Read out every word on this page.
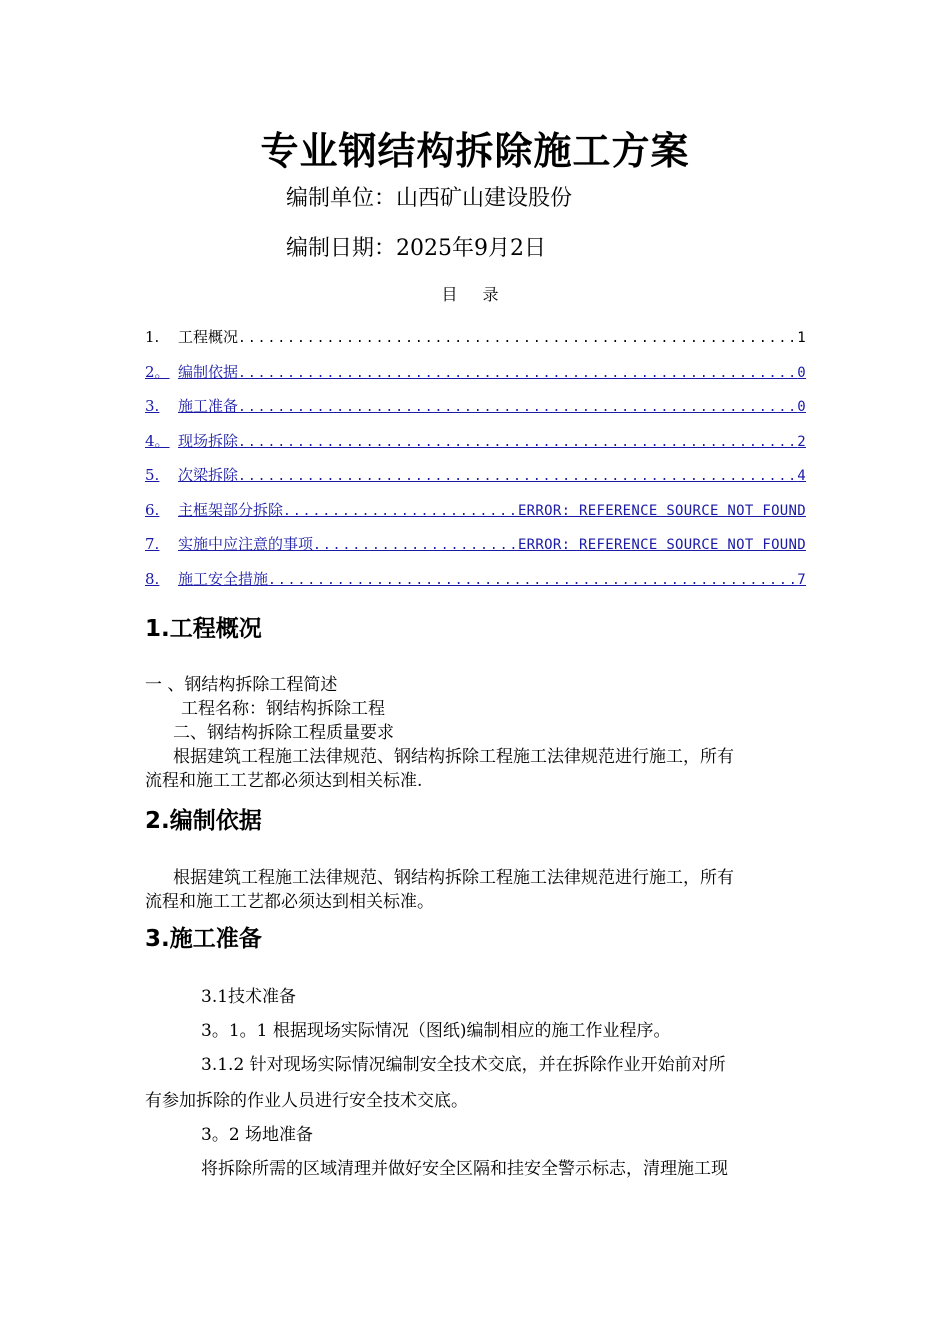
专业钢结构拆除施工方案
编制单位：山西矿山建设股份
编制日期：2025年9月2日
目 录
1.	工程概况 .....	1
2。 编制依据 .....	0
3.	施工准备 .....	0
4。 现场拆除 .....	2
5.	次梁拆除 .....	4
6.	主框架部分拆除 .....	ERROR: REFERENCE SOURCE NOT FOUND
7.	实施中应注意的事项 .....	ERROR: REFERENCE SOURCE NOT FOUND
8.	施工安全措施 .....	7
1.工程概况

一 、钢结构拆除工程简述

工程名称：钢结构拆除工程

二、钢结构拆除工程质量要求

根据建筑工程施工法律规范、钢结构拆除工程施工法律规范进行施工，所有

流程和施工工艺都必须达到相关标准.

2.编制依据

根据建筑工程施工法律规范、钢结构拆除工程施工法律规范进行施工，所有

流程和施工工艺都必须达到相关标准。

3.施工准备

3.1技术准备

3。1。1 根据现场实际情况（图纸)编制相应的施工作业程序。

3.1.2 针对现场实际情况编制安全技术交底，并在拆除作业开始前对所

有参加拆除的作业人员进行安全技术交底。

3。2 场地准备

将拆除所需的区域清理并做好安全区隔和挂安全警示标志，清理施工现
